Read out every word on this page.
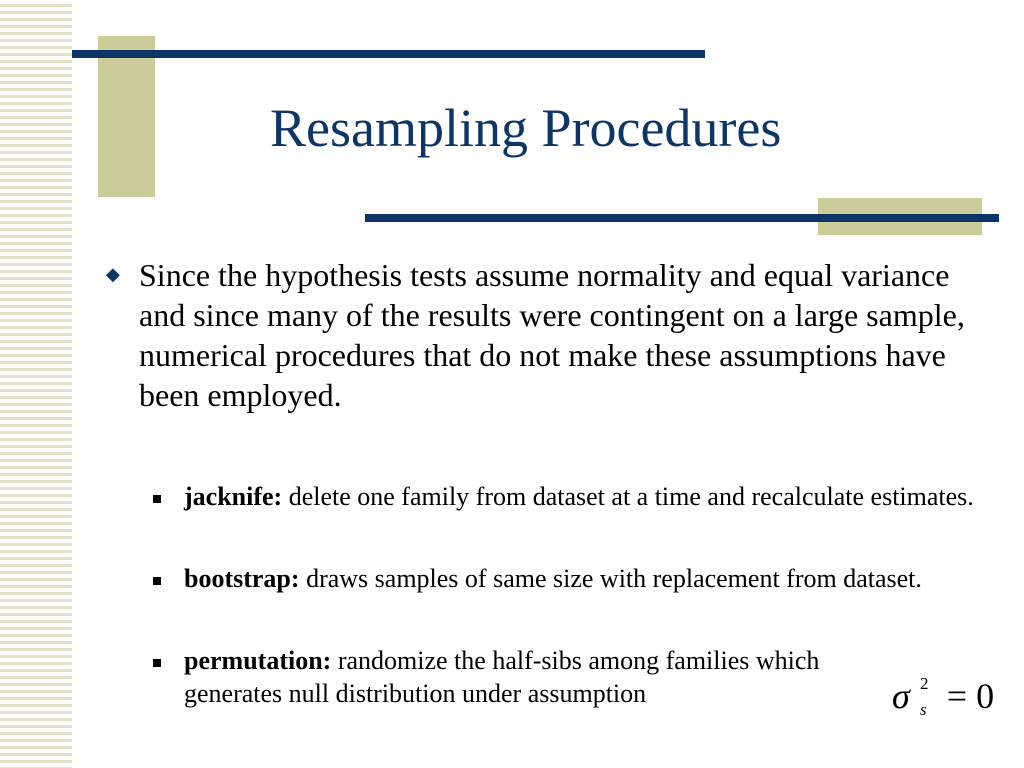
Resampling Procedures
◆ Since the hypothesis tests assume normality and equal variance and since many of the results were contingent on a large sample, numerical procedures that do not make these assumptions have been employed.
jacknife: delete one family from dataset at a time and recalculate estimates.
bootstrap: draws samples of same size with replacement from dataset.
permutation: randomize the half-sibs among families which generates null distribution under assumption	σ 2
s = 0
